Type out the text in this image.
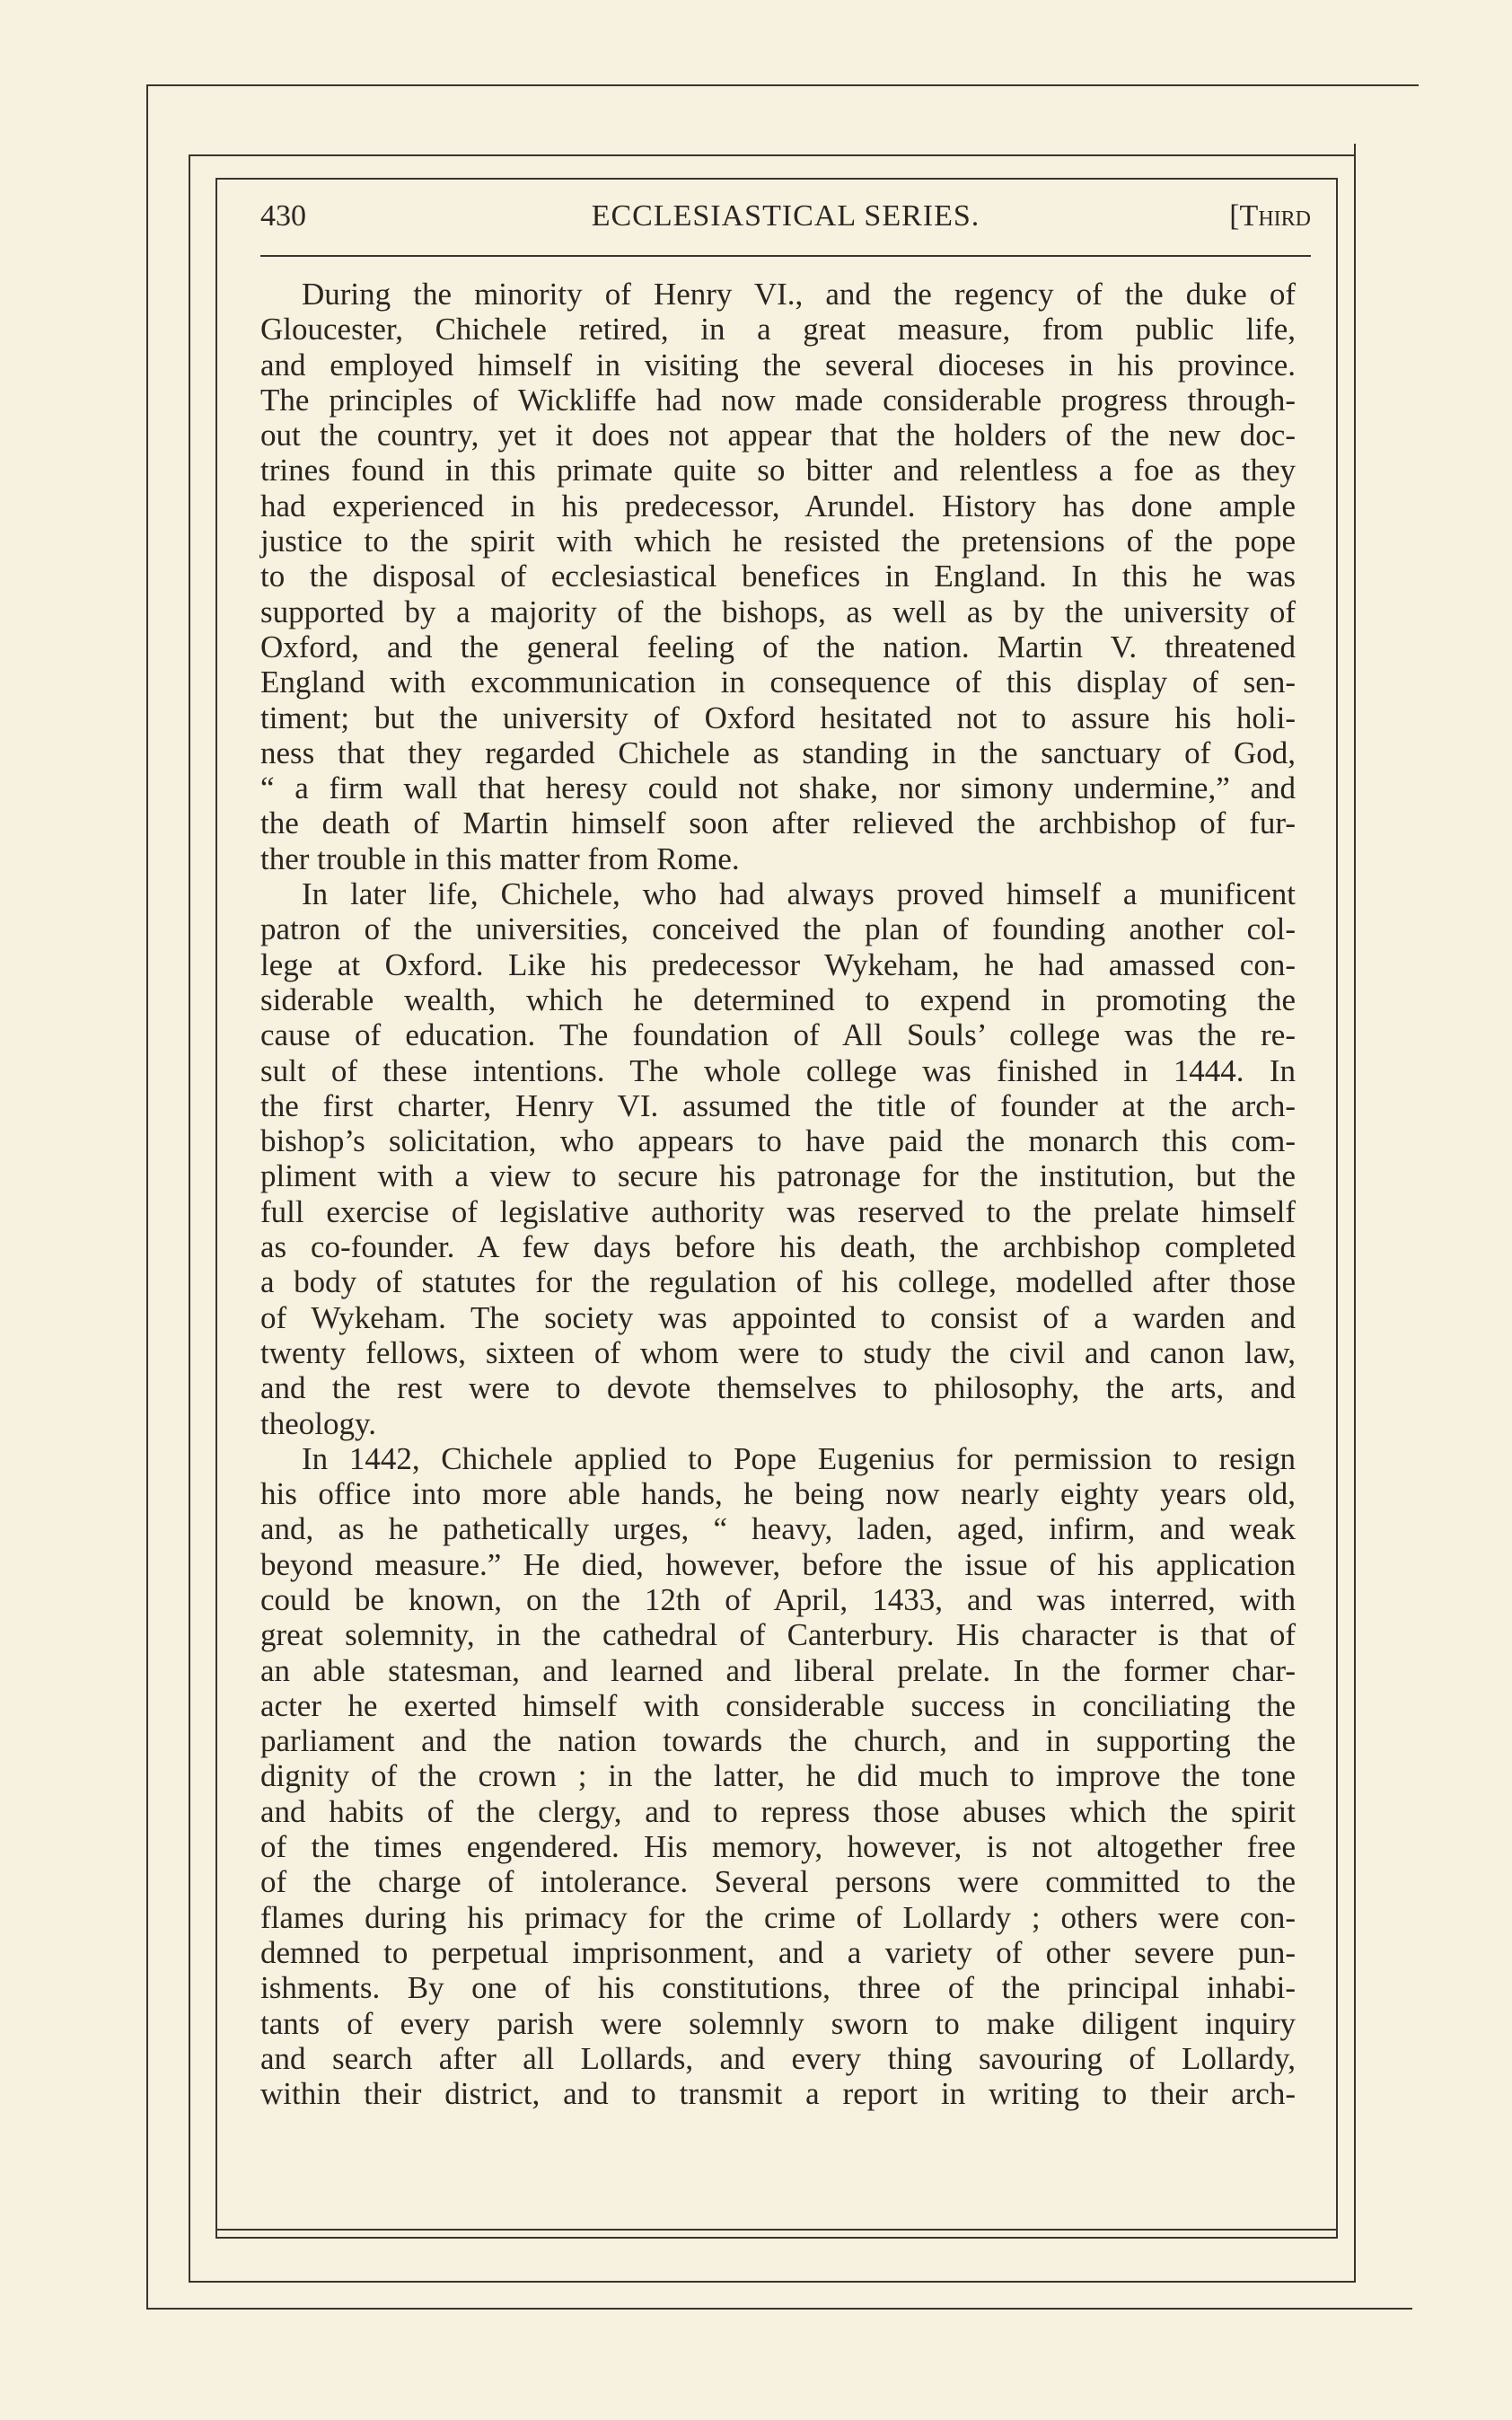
430	ECCLESIASTICAL SERIES.	[Third
During the minority of Henry VI., and the regency of the duke of
Gloucester, Chichele retired, in a great measure, from public life,
and employed himself in visiting the several dioceses in his province.
The principles of Wickliffe had now made considerable progress through-
out the country, yet it does not appear that the holders of the new doc-
trines found in this primate quite so bitter and relentless a foe as they
had experienced in his predecessor, Arundel. History has done ample
justice to the spirit with which he resisted the pretensions of the pope
to the disposal of ecclesiastical benefices in England. In this he was
supported by a majority of the bishops, as well as by the university of
Oxford, and the general feeling of the nation. Martin V. threatened
England with excommunication in consequence of this display of sen-
timent; but the university of Oxford hesitated not to assure his holi-
ness that they regarded Chichele as standing in the sanctuary of God,
“ a firm wall that heresy could not shake, nor simony undermine,” and
the death of Martin himself soon after relieved the archbishop of fur-
ther trouble in this matter from Rome.
In later life, Chichele, who had always proved himself a munificent
patron of the universities, conceived the plan of founding another col-
lege at Oxford. Like his predecessor Wykeham, he had amassed con-
siderable wealth, which he determined to expend in promoting the
cause of education. The foundation of All Souls’ college was the re-
sult of these intentions. The whole college was finished in 1444. In
the first charter, Henry VI. assumed the title of founder at the arch-
bishop’s solicitation, who appears to have paid the monarch this com-
pliment with a view to secure his patronage for the institution, but the
full exercise of legislative authority was reserved to the prelate himself
as co-founder. A few days before his death, the archbishop completed
a body of statutes for the regulation of his college, modelled after those
of Wykeham. The society was appointed to consist of a warden and
twenty fellows, sixteen of whom were to study the civil and canon law,
and the rest were to devote themselves to philosophy, the arts, and
theology.
In 1442, Chichele applied to Pope Eugenius for permission to resign
his office into more able hands, he being now nearly eighty years old,
and, as he pathetically urges, “ heavy, laden, aged, infirm, and weak
beyond measure.” He died, however, before the issue of his application
could be known, on the 12th of April, 1433, and was interred, with
great solemnity, in the cathedral of Canterbury. His character is that of
an able statesman, and learned and liberal prelate. In the former char-
acter he exerted himself with considerable success in conciliating the
parliament and the nation towards the church, and in supporting the
dignity of the crown ; in the latter, he did much to improve the tone
and habits of the clergy, and to repress those abuses which the spirit
of the times engendered. His memory, however, is not altogether free
of the charge of intolerance. Several persons were committed to the
flames during his primacy for the crime of Lollardy ; others were con-
demned to perpetual imprisonment, and a variety of other severe pun-
ishments. By one of his constitutions, three of the principal inhabi-
tants of every parish were solemnly sworn to make diligent inquiry
and search after all Lollards, and every thing savouring of Lollardy,
within their district, and to transmit a report in writing to their arch-
